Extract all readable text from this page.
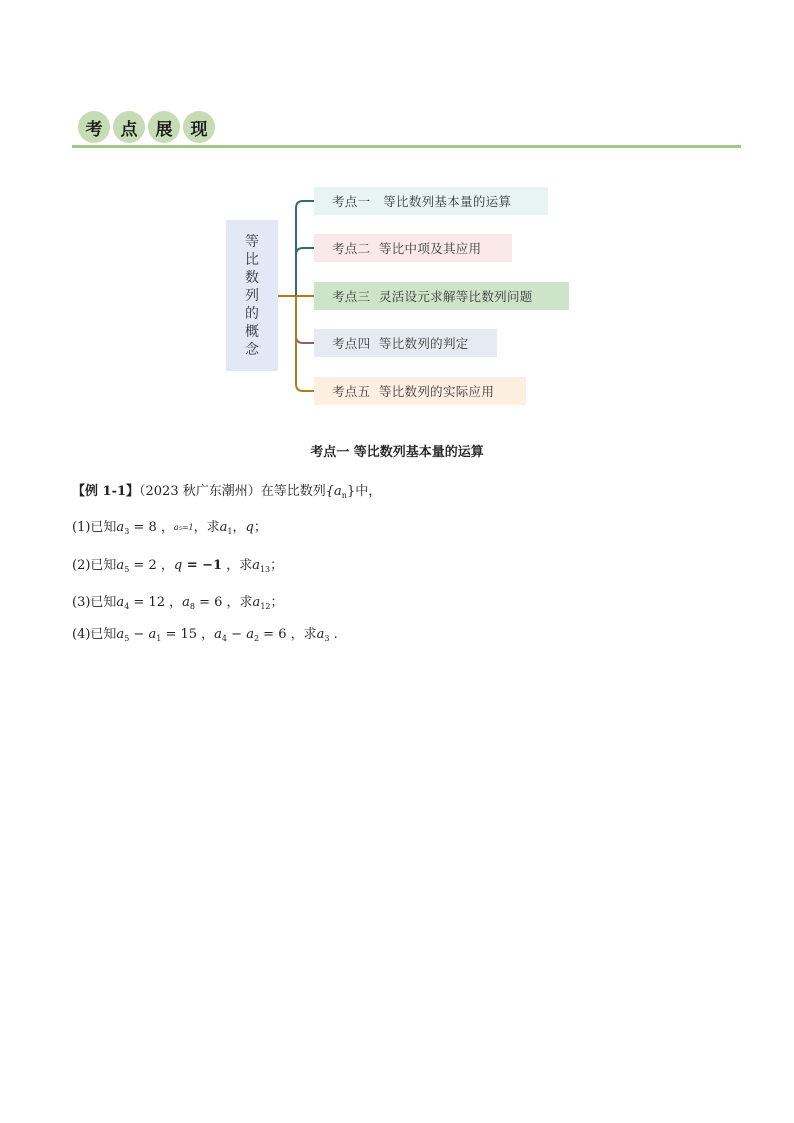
考	点	展	现
等
比
数
列
的
概
念
考点一   等比数列基本量的运算
考点二  等比中项及其应用
考点三  灵活设元求解等比数列问题
考点四  等比数列的判定
考点五  等比数列的实际应用
考点一 等比数列基本量的运算
【例 1-1】（2023 秋广东潮州）在等比数列$\{a_n\}$中，
(1)已知$a_3 = 8$ ，a₅=1，求$a_1$，q；
(2)已知$a_5 = 2$ ，q = −1 ，求$a_{13}$；
(3)已知$a_4 = 12$ ，$a_8 = 6$ ，求$a_{12}$；
(4)已知$a_5 - a_1 = 15$ ，$a_4 - a_2 = 6$ ，求$a_3$ .
